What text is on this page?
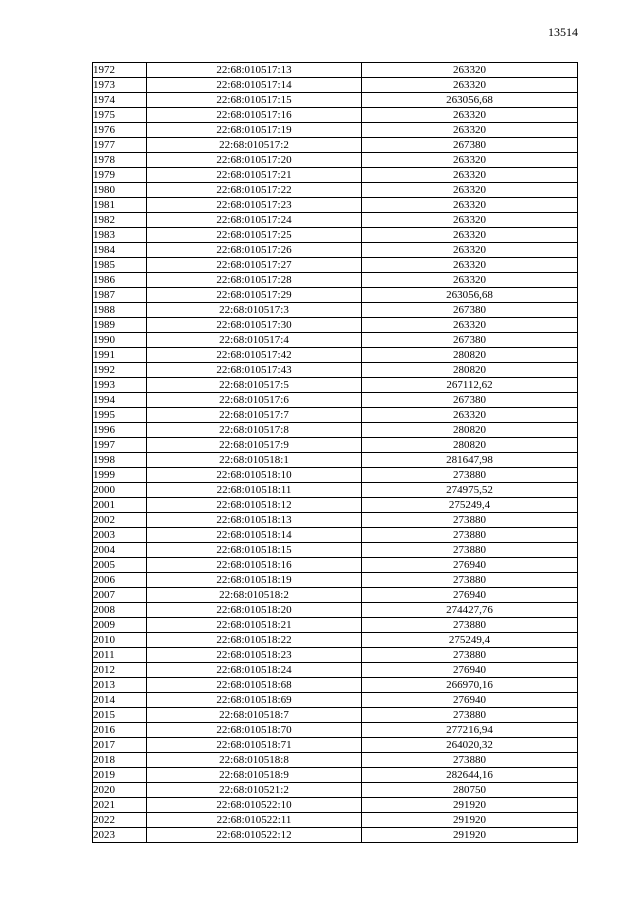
13514
1972	22:68:010517:13	263320
1973	22:68:010517:14	263320
1974	22:68:010517:15	263056,68
1975	22:68:010517:16	263320
1976	22:68:010517:19	263320
1977	22:68:010517:2	267380
1978	22:68:010517:20	263320
1979	22:68:010517:21	263320
1980	22:68:010517:22	263320
1981	22:68:010517:23	263320
1982	22:68:010517:24	263320
1983	22:68:010517:25	263320
1984	22:68:010517:26	263320
1985	22:68:010517:27	263320
1986	22:68:010517:28	263320
1987	22:68:010517:29	263056,68
1988	22:68:010517:3	267380
1989	22:68:010517:30	263320
1990	22:68:010517:4	267380
1991	22:68:010517:42	280820
1992	22:68:010517:43	280820
1993	22:68:010517:5	267112,62
1994	22:68:010517:6	267380
1995	22:68:010517:7	263320
1996	22:68:010517:8	280820
1997	22:68:010517:9	280820
1998	22:68:010518:1	281647,98
1999	22:68:010518:10	273880
2000	22:68:010518:11	274975,52
2001	22:68:010518:12	275249,4
2002	22:68:010518:13	273880
2003	22:68:010518:14	273880
2004	22:68:010518:15	273880
2005	22:68:010518:16	276940
2006	22:68:010518:19	273880
2007	22:68:010518:2	276940
2008	22:68:010518:20	274427,76
2009	22:68:010518:21	273880
2010	22:68:010518:22	275249,4
2011	22:68:010518:23	273880
2012	22:68:010518:24	276940
2013	22:68:010518:68	266970,16
2014	22:68:010518:69	276940
2015	22:68:010518:7	273880
2016	22:68:010518:70	277216,94
2017	22:68:010518:71	264020,32
2018	22:68:010518:8	273880
2019	22:68:010518:9	282644,16
2020	22:68:010521:2	280750
2021	22:68:010522:10	291920
2022	22:68:010522:11	291920
2023	22:68:010522:12	291920
